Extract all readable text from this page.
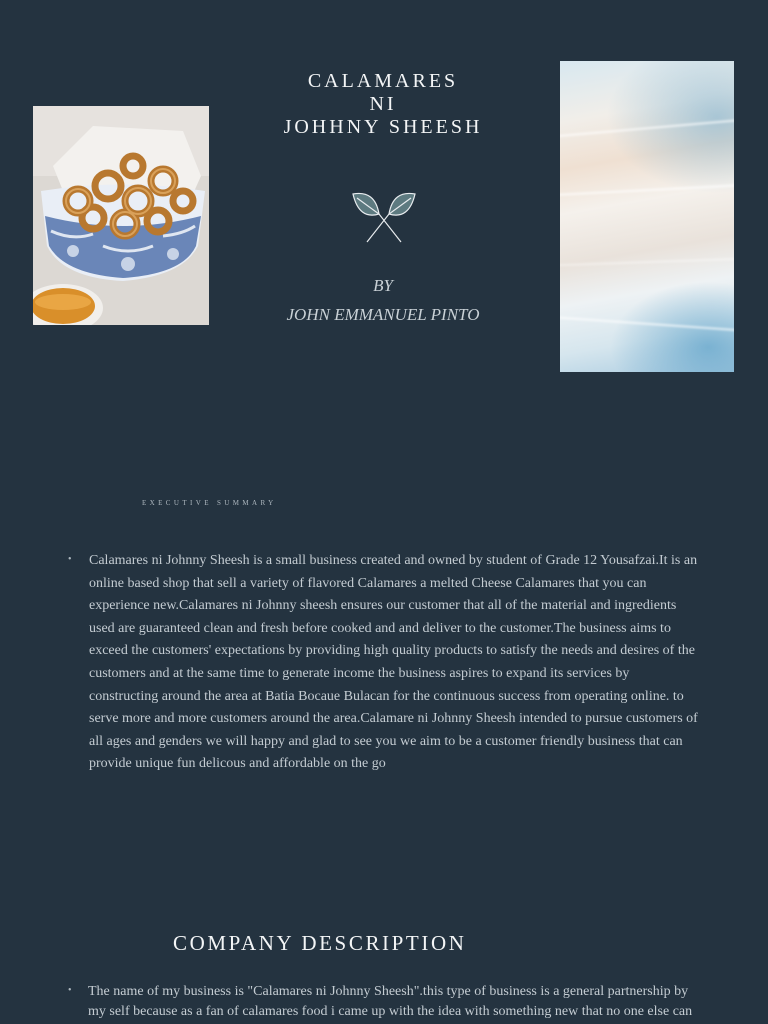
CALAMARES
NI
JOHHNY SHEESH
BY
JOHN EMMANUEL PINTO
EXECUTIVE SUMMARY
• Calamares ni Johnny Sheesh is a small business created and owned by student of Grade 12 Yousafzai.It is an online based shop that sell a variety of flavored Calamares a melted Cheese Calamares that you can experience new.Calamares ni Johnny sheesh ensures our customer that all of the material and ingredients used are guaranteed clean and fresh before cooked and and deliver to the customer.The business aims to exceed the customers' expectations by providing high quality products to satisfy the needs and desires of the customers and at the same time to generate income the business aspires to expand its services by constructing around the area at Batia Bocaue Bulacan for the continuous success from operating online. to serve more and more customers around the area.Calamare ni Johnny Sheesh intended to pursue customers of all ages and genders we will happy and glad to see you we aim to be a customer friendly business that can provide unique fun delicous and affordable on the go
COMPANY DESCRIPTION
• The name of my business is "Calamares ni Johnny Sheesh".this type of business is a general partnership by my self because as a fan of calamares food i came up with the idea with something new that no one else can
